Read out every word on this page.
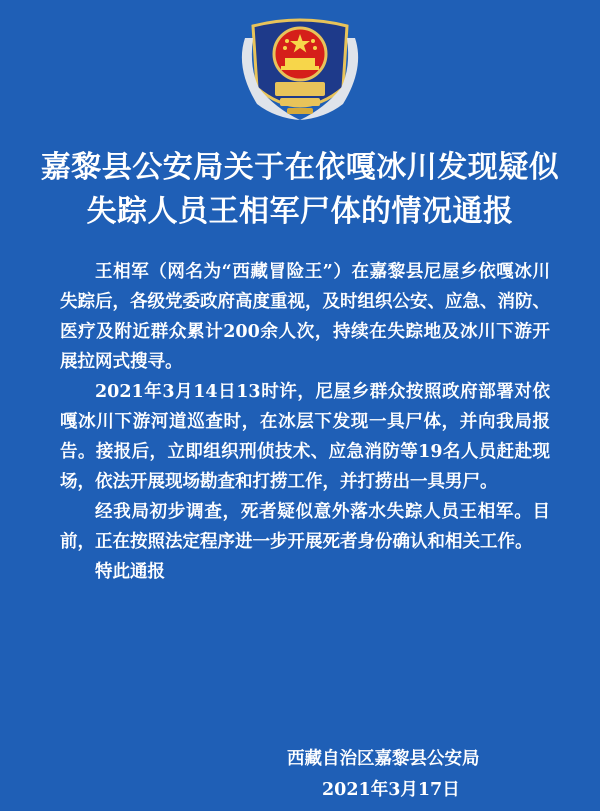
嘉黎县公安局关于在依嘎冰川发现疑似
失踪人员王相军尸体的情况通报

王相军（网名为“西藏冒险王”）在嘉黎县尼屋乡依嘎冰川失踪后，各级党委政府高度重视，及时组织公安、应急、消防、医疗及附近群众累计200余人次，持续在失踪地及冰川下游开展拉网式搜寻。

2021年3月14日13时许，尼屋乡群众按照政府部署对依嘎冰川下游河道巡查时，在冰层下发现一具尸体，并向我局报告。接报后，立即组织刑侦技术、应急消防等19名人员赶赴现场，依法开展现场勘查和打捞工作，并打捞出一具男尸。

经我局初步调查，死者疑似意外落水失踪人员王相军。目前，正在按照法定程序进一步开展死者身份确认和相关工作。

特此通报

西藏自治区嘉黎县公安局
2021年3月17日
